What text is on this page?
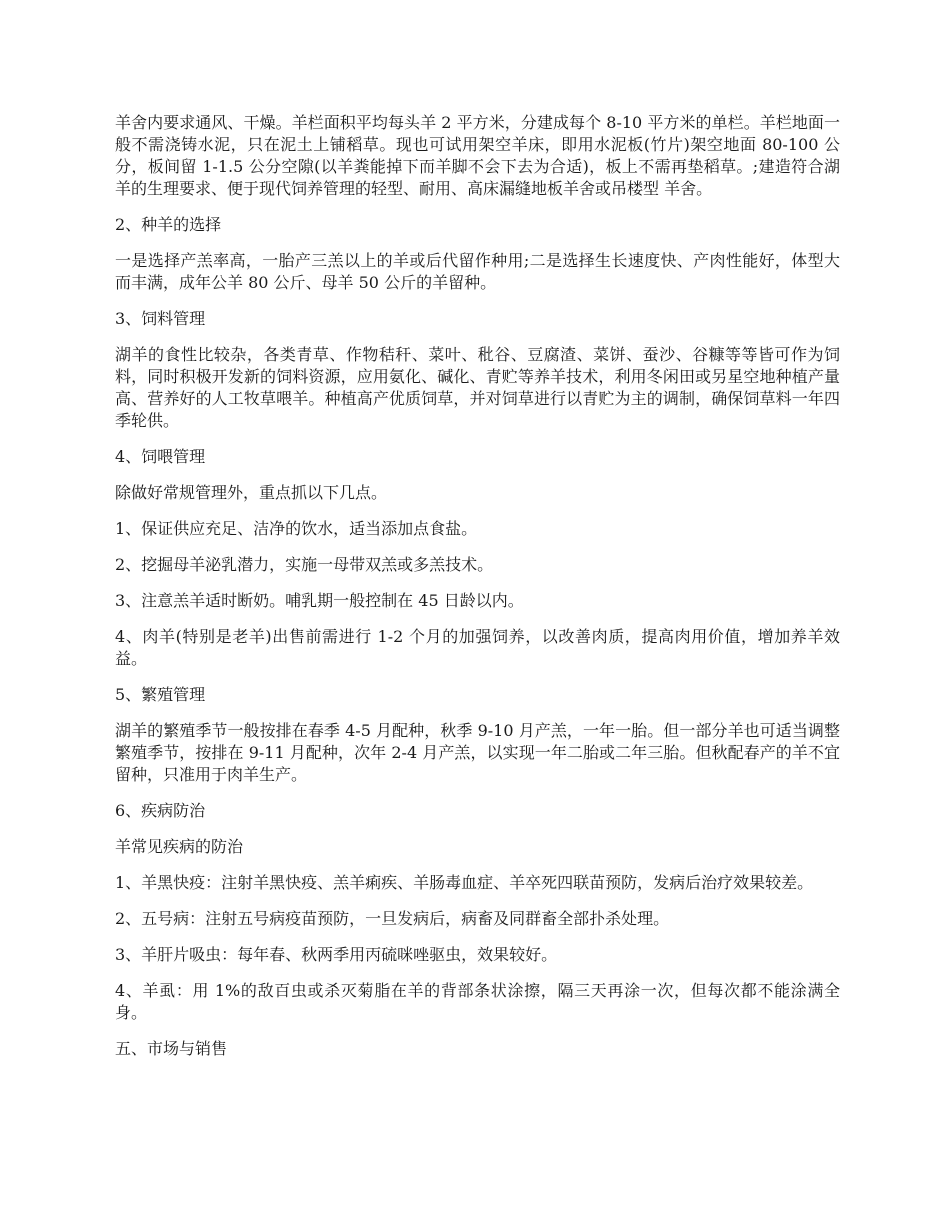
羊舍内要求通风、干燥。羊栏面积平均每头羊 2 平方米，分建成每个 8-10 平方米的单栏。羊栏地面一般不需浇铸水泥，只在泥土上铺稻草。现也可试用架空羊床，即用水泥板(竹片)架空地面 80-100 公分，板间留 1-1.5 公分空隙(以羊粪能掉下而羊脚不会下去为合适)，板上不需再垫稻草。;建造符合湖羊的生理要求、便于现代饲养管理的轻型、耐用、高床漏缝地板羊舍或吊楼型 羊舍。

2、种羊的选择

一是选择产羔率高，一胎产三羔以上的羊或后代留作种用;二是选择生长速度快、产肉性能好，体型大而丰满，成年公羊 80 公斤、母羊 50 公斤的羊留种。

3、饲料管理

湖羊的食性比较杂，各类青草、作物秸秆、菜叶、秕谷、豆腐渣、菜饼、蚕沙、谷糠等等皆可作为饲料，同时积极开发新的饲料资源，应用氨化、碱化、青贮等养羊技术，利用冬闲田或另星空地种植产量高、营养好的人工牧草喂羊。种植高产优质饲草，并对饲草进行以青贮为主的调制，确保饲草料一年四季轮供。

4、饲喂管理

除做好常规管理外，重点抓以下几点。

1、保证供应充足、洁净的饮水，适当添加点食盐。

2、挖掘母羊泌乳潜力，实施一母带双羔或多羔技术。

3、注意羔羊适时断奶。哺乳期一般控制在 45 日龄以内。

4、肉羊(特别是老羊)出售前需进行 1-2 个月的加强饲养，以改善肉质，提高肉用价值，增加养羊效益。

5、繁殖管理

湖羊的繁殖季节一般按排在春季 4-5 月配种，秋季 9-10 月产羔，一年一胎。但一部分羊也可适当调整繁殖季节，按排在 9-11 月配种，次年 2-4 月产羔，以实现一年二胎或二年三胎。但秋配春产的羊不宜留种，只准用于肉羊生产。

6、疾病防治

羊常见疾病的防治

1、羊黑快疫：注射羊黑快疫、羔羊痢疾、羊肠毒血症、羊卒死四联苗预防，发病后治疗效果较差。

2、五号病：注射五号病疫苗预防，一旦发病后，病畜及同群畜全部扑杀处理。

3、羊肝片吸虫：每年春、秋两季用丙硫咪唑驱虫，效果较好。

4、羊虱：用 1%的敌百虫或杀灭菊脂在羊的背部条状涂擦，隔三天再涂一次，但每次都不能涂满全身。

五、市场与销售
